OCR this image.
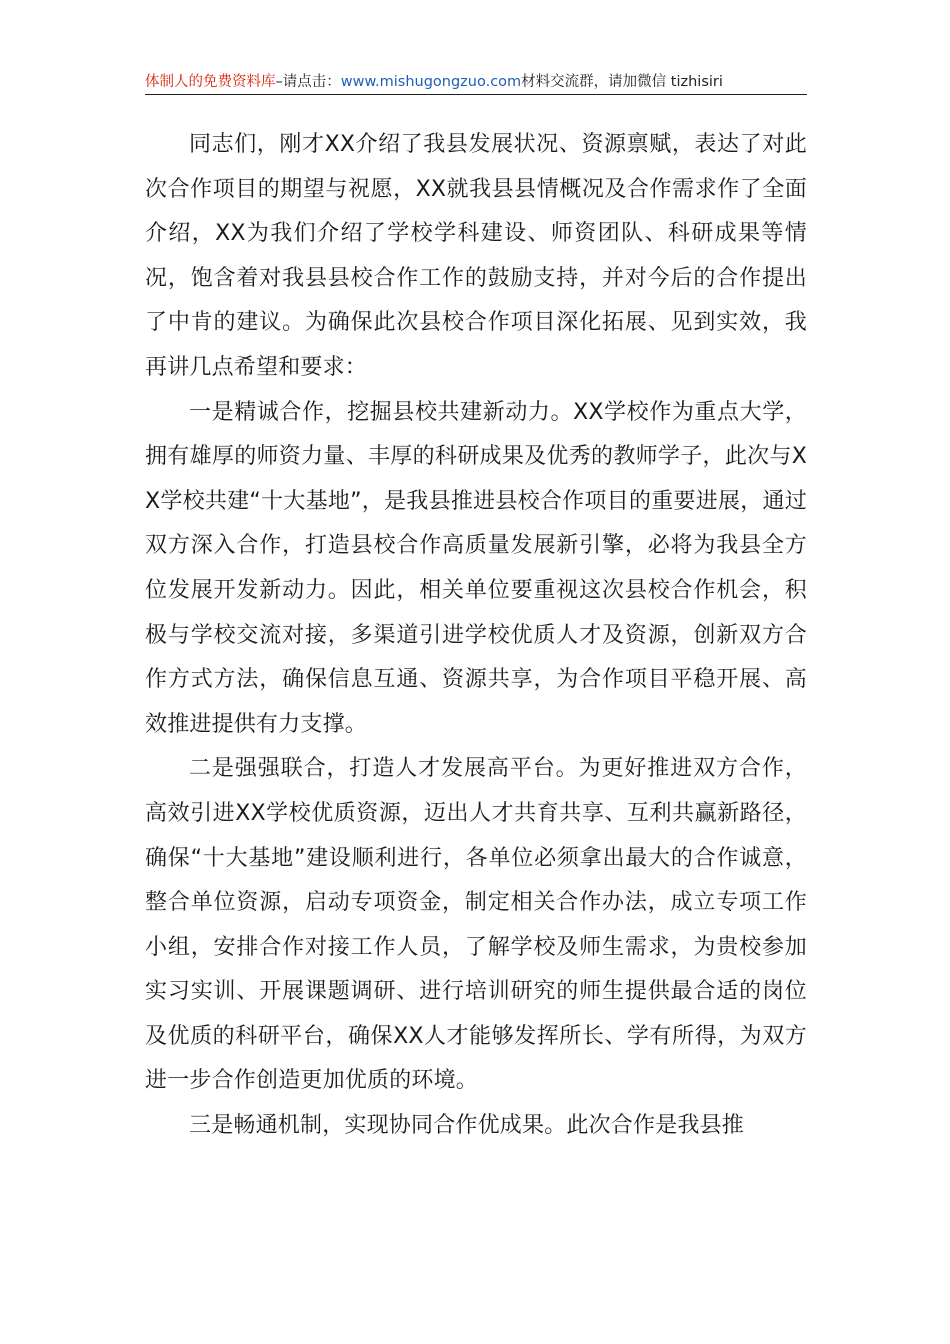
体制人的免费资料库–请点击：www.mishugongzuo.com材料交流群，请加微信 tizhisiri

同志们，刚才XX介绍了我县发展状况、资源禀赋，表达了对此次合作项目的期望与祝愿，XX就我县县情概况及合作需求作了全面介绍，XX为我们介绍了学校学科建设、师资团队、科研成果等情况，饱含着对我县县校合作工作的鼓励支持，并对今后的合作提出了中肯的建议。为确保此次县校合作项目深化拓展、见到实效，我再讲几点希望和要求：

一是精诚合作，挖掘县校共建新动力。XX学校作为重点大学，拥有雄厚的师资力量、丰厚的科研成果及优秀的教师学子，此次与XX学校共建“十大基地”，是我县推进县校合作项目的重要进展，通过双方深入合作，打造县校合作高质量发展新引擎，必将为我县全方位发展开发新动力。因此，相关单位要重视这次县校合作机会，积极与学校交流对接，多渠道引进学校优质人才及资源，创新双方合作方式方法，确保信息互通、资源共享，为合作项目平稳开展、高效推进提供有力支撑。

二是强强联合，打造人才发展高平台。为更好推进双方合作，高效引进XX学校优质资源，迈出人才共育共享、互利共赢新路径，确保“十大基地”建设顺利进行，各单位必须拿出最大的合作诚意，整合单位资源，启动专项资金，制定相关合作办法，成立专项工作小组，安排合作对接工作人员，了解学校及师生需求，为贵校参加实习实训、开展课题调研、进行培训研究的师生提供最合适的岗位及优质的科研平台，确保XX人才能够发挥所长、学有所得，为双方进一步合作创造更加优质的环境。

三是畅通机制，实现协同合作优成果。此次合作是我县推
